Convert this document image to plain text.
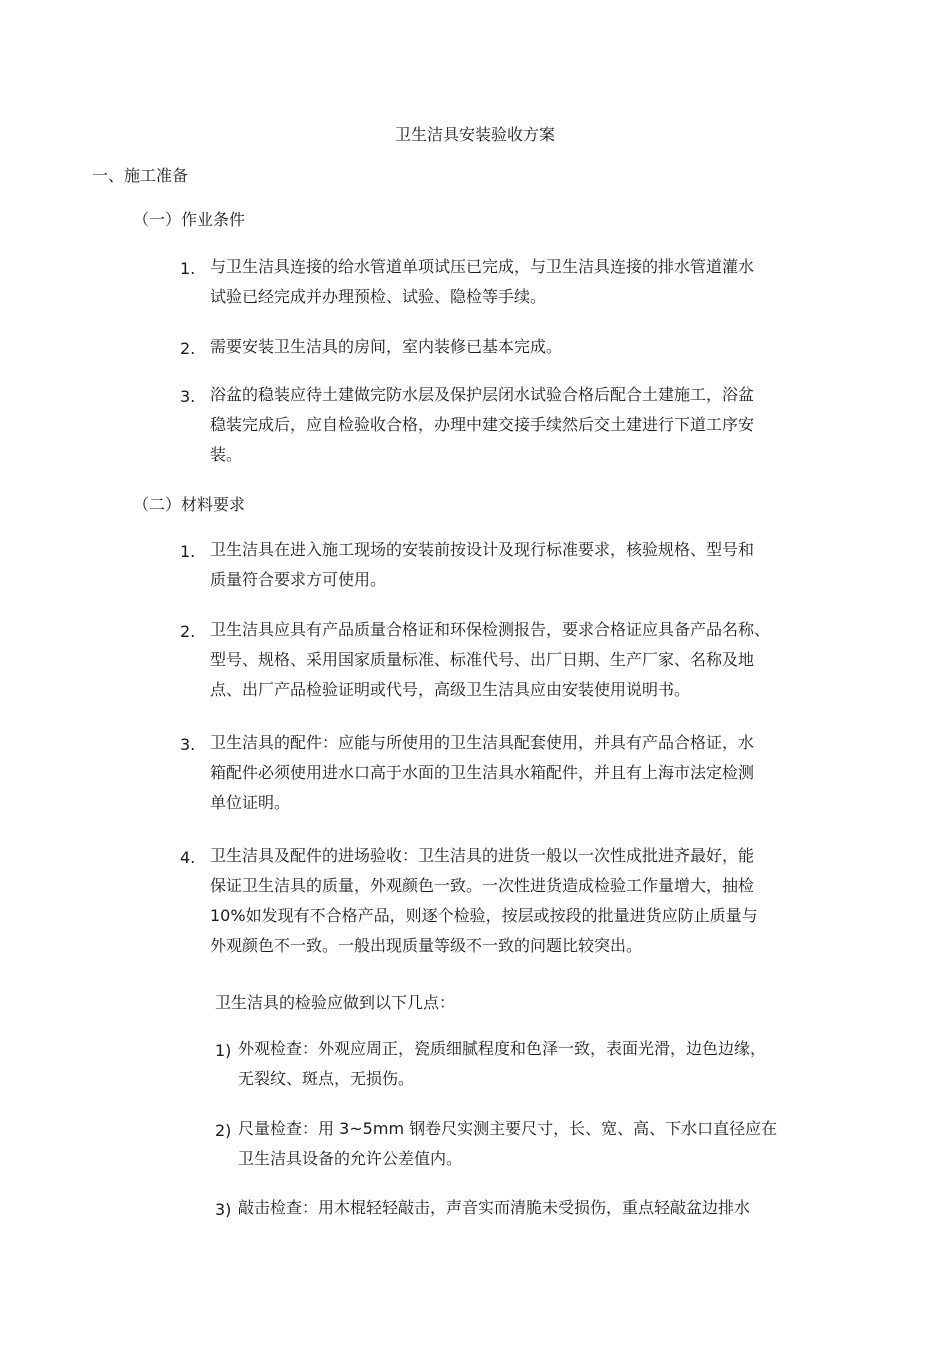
卫生洁具安装验收方案
一、施工准备
（一）作业条件
1. 与卫生洁具连接的给水管道单项试压已完成，与卫生洁具连接的排水管道灌水
试验已经完成并办理预检、试验、隐检等手续。
2. 需要安装卫生洁具的房间，室内装修已基本完成。
3. 浴盆的稳装应待土建做完防水层及保护层闭水试验合格后配合土建施工，浴盆
稳装完成后，应自检验收合格，办理中建交接手续然后交土建进行下道工序安
装。
（二）材料要求
1. 卫生洁具在进入施工现场的安装前按设计及现行标准要求，核验规格、型号和
质量符合要求方可使用。
2. 卫生洁具应具有产品质量合格证和环保检测报告，要求合格证应具备产品名称、
型号、规格、采用国家质量标准、标准代号、出厂日期、生产厂家、名称及地
点、出厂产品检验证明或代号，高级卫生洁具应由安装使用说明书。
3. 卫生洁具的配件：应能与所使用的卫生洁具配套使用，并具有产品合格证，水
箱配件必须使用进水口高于水面的卫生洁具水箱配件，并且有上海市法定检测
单位证明。
4. 卫生洁具及配件的进场验收：卫生洁具的进货一般以一次性成批进齐最好，能
保证卫生洁具的质量，外观颜色一致。一次性进货造成检验工作量增大，抽检
10%如发现有不合格产品，则逐个检验，按层或按段的批量进货应防止质量与
外观颜色不一致。一般出现质量等级不一致的问题比较突出。
卫生洁具的检验应做到以下几点：
1) 外观检查：外观应周正，瓷质细腻程度和色泽一致，表面光滑，边色边缘，
无裂纹、斑点，无损伤。
2) 尺量检查：用 3~5mm 钢卷尺实测主要尺寸，长、宽、高、下水口直径应在
卫生洁具设备的允许公差值内。
3) 敲击检查：用木棍轻轻敲击，声音实而清脆未受损伤，重点轻敲盆边排水
